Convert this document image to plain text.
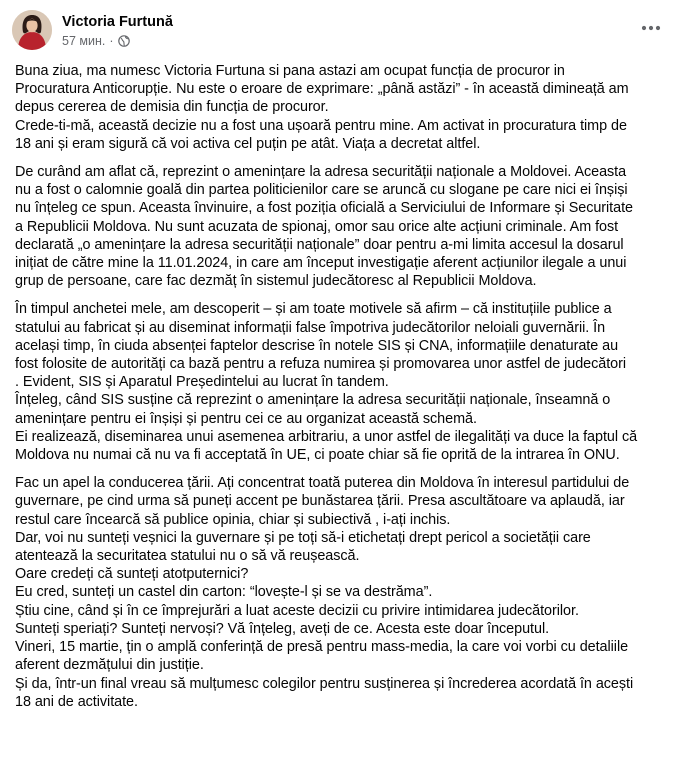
Victoria Furtună
57 мин. ·
Buna ziua, ma numesc Victoria Furtuna si pana astazi am ocupat funcția de procuror in
Procuratura Anticorupție. Nu este o eroare de exprimare: „până astăzi” - în această dimineață am
depus cererea de demisia din funcția de procuror.
Crede-ti-mă, această decizie nu a fost una ușoară pentru mine. Am activat in procuratura timp de
18 ani și eram sigură că voi activa cel puțin pe atât. Viața a decretat altfel.
De curând am aflat că, reprezint o amenințare la adresa securității naționale a Moldovei. Aceasta
nu a fost o calomnie goală din partea politicienilor care se aruncă cu slogane pe care nici ei înșiși
nu înțeleg ce spun. Aceasta învinuire, a fost poziția oficială a Serviciului de Informare și Securitate
a Republicii Moldova. Nu sunt acuzata de spionaj, omor sau orice alte acțiuni criminale. Am fost
declarată „o amenințare la adresa securității naționale” doar pentru a-mi limita accesul la dosarul
inițiat de către mine la 11.01.2024, in care am început investigație aferent acțiunilor ilegale a unui
grup de persoane, care fac dezmăț în sistemul judecătoresc al Republicii Moldova.
În timpul anchetei mele, am descoperit – și am toate motivele să afirm – că instituțiile publice a
statului au fabricat și au diseminat informații false împotriva judecătorilor neloiali guvernării. În
același timp, în ciuda absenței faptelor descrise în notele SIS și CNA, informațiile denaturate au
fost folosite de autorități ca bază pentru a refuza numirea și promovarea unor astfel de judecători
. Evident, SIS și Aparatul Președintelui au lucrat în tandem.
Înțeleg, când SIS susține că reprezint o amenințare la adresa securității naționale, înseamnă o
amenințare pentru ei înșiși și pentru cei ce au organizat această schemă.
Ei realizează, diseminarea unui asemenea arbitrariu, a unor astfel de ilegalități va duce la faptul că
Moldova nu numai că nu va fi acceptată în UE, ci poate chiar să fie oprită de la intrarea în ONU.
Fac un apel la conducerea țării. Ați concentrat toată puterea din Moldova în interesul partidului de
guvernare, pe cind urma să puneți accent pe bunăstarea țării. Presa ascultătoare va aplaudă, iar
restul care încearcă să publice opinia, chiar și subiectivă , i-ați inchis.
Dar, voi nu sunteți veșnici la guvernare și pe toți să-i etichetați drept pericol a societății care
atentează la securitatea statului nu o să vă reușească.
Oare credeți că sunteți atotputernici?
Eu cred, sunteți un castel din carton: “lovește-l și se va destrăma”.
Știu cine, când și în ce împrejurări a luat aceste decizii cu privire intimidarea judecătorilor.
Sunteți speriați? Sunteți nervoși? Vă înțeleg, aveți de ce. Acesta este doar începutul.
Vineri, 15 martie, țin o amplă conferință de presă pentru mass-media, la care voi vorbi cu detaliile
aferent dezmățului din justiție.
Și da, într-un final vreau să mulțumesc colegilor pentru susținerea și încrederea acordată în acești
18 ani de activitate.
